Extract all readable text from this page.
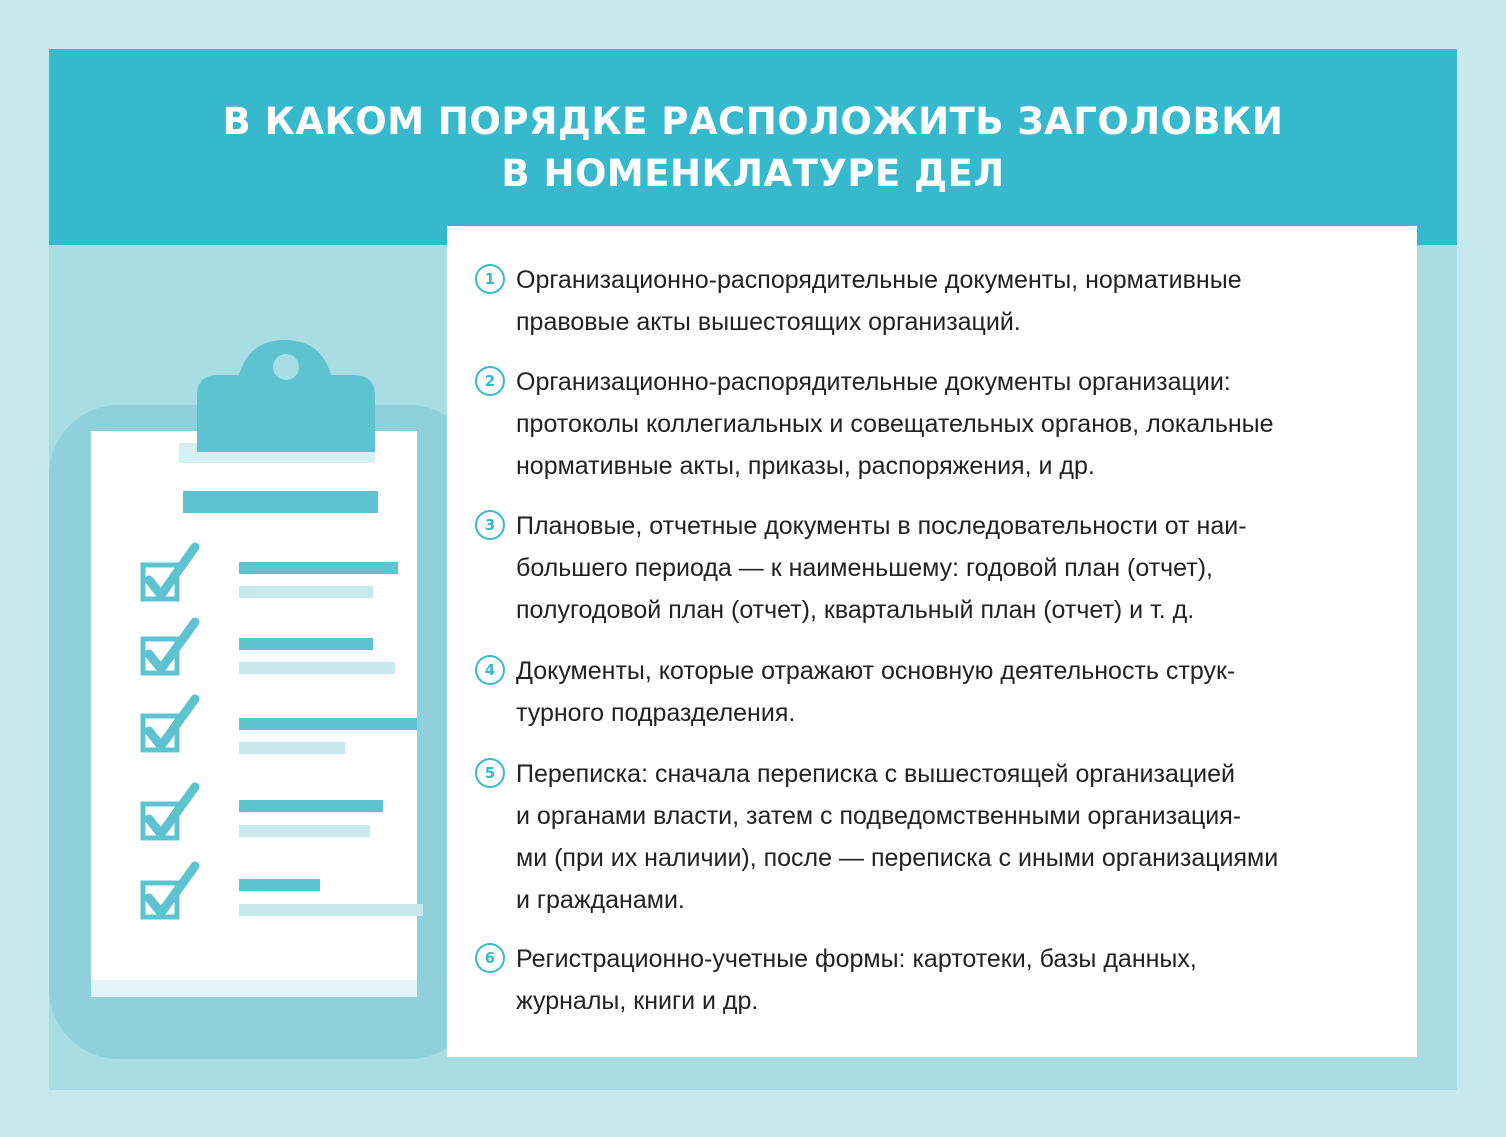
В КАКОМ ПОРЯДКЕ РАСПОЛОЖИТЬ ЗАГОЛОВКИ
В НОМЕНКЛАТУРЕ ДЕЛ
1 Организационно-распорядительные документы, нормативные
правовые акты вышестоящих организаций.
2 Организационно-распорядительные документы организации:
протоколы коллегиальных и совещательных органов, локальные
нормативные акты, приказы, распоряжения, и др.
3 Плановые, отчетные документы в последовательности от наи-
большего периода — к наименьшему: годовой план (отчет),
полугодовой план (отчет), квартальный план (отчет) и т. д.
4 Документы, которые отражают основную деятельность струк-
турного подразделения.
5 Переписка: сначала переписка с вышестоящей организацией
и органами власти, затем с подведомственными организация-
ми (при их наличии), после — переписка с иными организациями
и гражданами.
6 Регистрационно-учетные формы: картотеки, базы данных,
журналы, книги и др.
